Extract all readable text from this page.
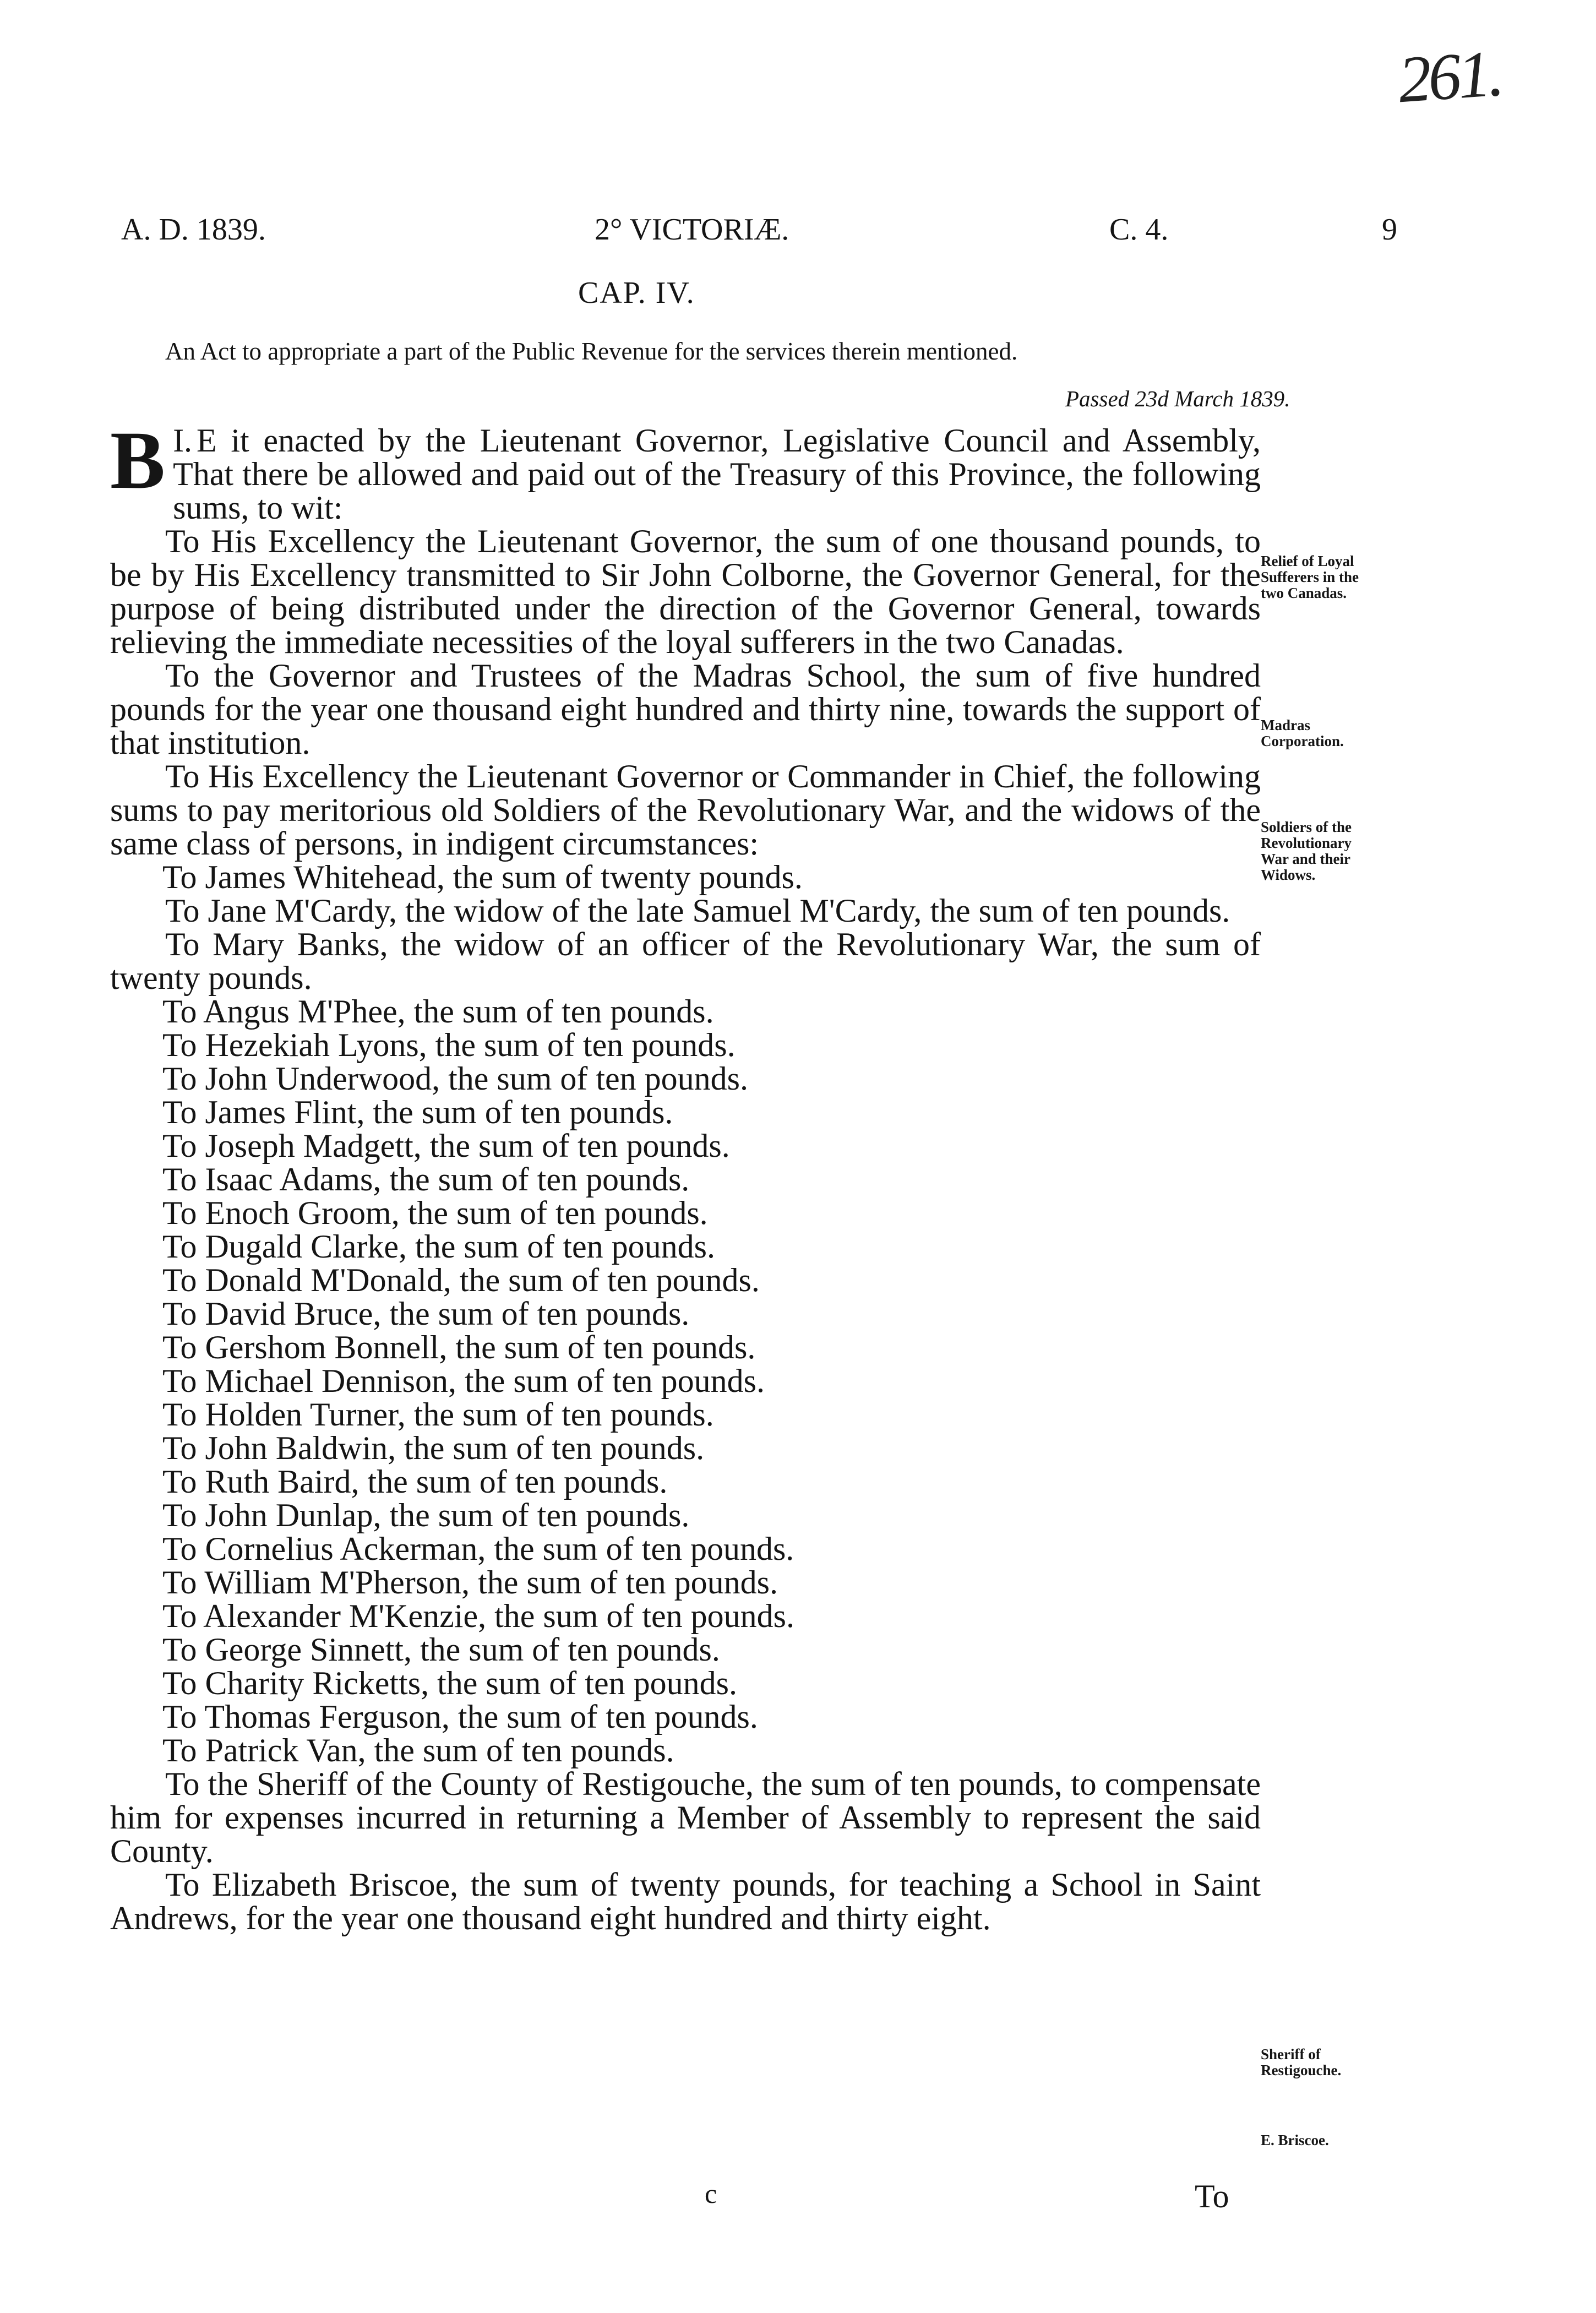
261.
A. D. 1839.	2° VICTORIÆ.	C. 4.	9
CAP. IV.
An Act to appropriate a part of the Public Revenue for the services therein mentioned.
Passed 23d March 1839.

I.
B E it enacted by the Lieutenant Governor, Legislative Council and Assembly, That there be allowed and paid out of the Treasury of this Province, the following sums, to wit:

To His Excellency the Lieutenant Governor, the sum of one thousand pounds, to be by His Excellency transmitted to Sir John Colborne, the Governor General, for the purpose of being distributed under the direction of the Governor General, towards relieving the immediate necessities of the loyal sufferers in the two Canadas.

To the Governor and Trustees of the Madras School, the sum of five hundred pounds for the year one thousand eight hundred and thirty nine, towards the support of that institution.

To His Excellency the Lieutenant Governor or Commander in Chief, the following sums to pay meritorious old Soldiers of the Revolutionary War, and the widows of the same class of persons, in indigent circumstances:

To James Whitehead, the sum of twenty pounds.

To Jane M'Cardy, the widow of the late Samuel M'Cardy, the sum of ten pounds.

To Mary Banks, the widow of an officer of the Revolutionary War, the sum of twenty pounds.

To Angus M'Phee, the sum of ten pounds.
To Hezekiah Lyons, the sum of ten pounds.
To John Underwood, the sum of ten pounds.
To James Flint, the sum of ten pounds.
To Joseph Madgett, the sum of ten pounds.
To Isaac Adams, the sum of ten pounds.
To Enoch Groom, the sum of ten pounds.
To Dugald Clarke, the sum of ten pounds.
To Donald M'Donald, the sum of ten pounds.
To David Bruce, the sum of ten pounds.
To Gershom Bonnell, the sum of ten pounds.
To Michael Dennison, the sum of ten pounds.
To Holden Turner, the sum of ten pounds.
To John Baldwin, the sum of ten pounds.
To Ruth Baird, the sum of ten pounds.
To John Dunlap, the sum of ten pounds.
To Cornelius Ackerman, the sum of ten pounds.
To William M'Pherson, the sum of ten pounds.
To Alexander M'Kenzie, the sum of ten pounds.
To George Sinnett, the sum of ten pounds.
To Charity Ricketts, the sum of ten pounds.
To Thomas Ferguson, the sum of ten pounds.
To Patrick Van, the sum of ten pounds.

To the Sheriff of the County of Restigouche, the sum of ten pounds, to compensate him for expenses incurred in returning a Member of Assembly to represent the said County.

To Elizabeth Briscoe, the sum of twenty pounds, for teaching a School in Saint Andrews, for the year one thousand eight hundred and thirty eight.

Relief of Loyal Sufferers in the two Canadas.
Madras Corporation.
Soldiers of the Revolutionary War and their Widows.
Sheriff of Restigouche.
E. Briscoe.
c	To
